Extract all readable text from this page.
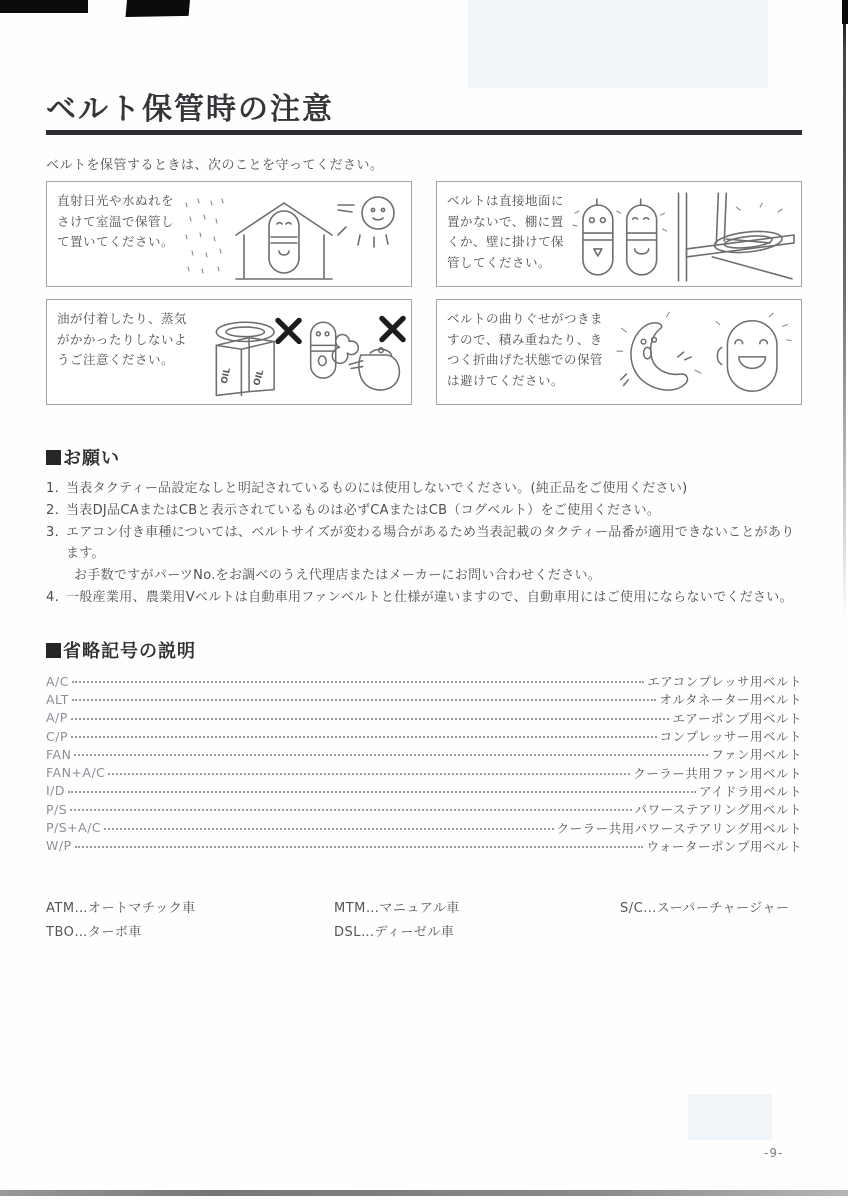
ベルト保管時の注意

ベルトを保管するときは、次のことを守ってください。

直射日光や水ぬれをさけて室温で保管して置いてください。
ベルトは直接地面に置かないで、棚に置くか、壁に掛けて保管してください。
油が付着したり、蒸気がかかったりしないようご注意ください。
OIL OIL
ベルトの曲りぐせがつきますので、積み重ねたり、きつく折曲げた状態での保管は避けてください。
お願い
1. 当表タクティー品設定なしと明記されているものには使用しないでください。(純正品をご使用ください)
2. 当表DJ品CAまたはCBと表示されているものは必ずCAまたはCB（コグベルト）をご使用ください。
3. エアコン付き車種については、ベルトサイズが変わる場合があるため当表記載のタクティー品番が適用できないことがあります。
お手数ですがパーツNo.をお調べのうえ代理店またはメーカーにお問い合わせください。
4. 一般産業用、農業用Vベルトは自動車用ファンベルトと仕様が違いますので、自動車用にはご使用にならないでください。
省略記号の説明
A/C	エアコンプレッサ用ベルト
ALT	オルタネーター用ベルト
A/P	エアーポンプ用ベルト
C/P	コンプレッサー用ベルト
FAN	ファン用ベルト
FAN+A/C	クーラー共用ファン用ベルト
I/D	アイドラ用ベルト
P/S	パワーステアリング用ベルト
P/S+A/C	クーラー共用パワーステアリング用ベルト
W/P	ウォーターポンプ用ベルト
ATM…オートマチック車	MTM…マニュアル車	S/C…スーパーチャージャー
TBO…ターボ車	DSL…ディーゼル車
-9-
